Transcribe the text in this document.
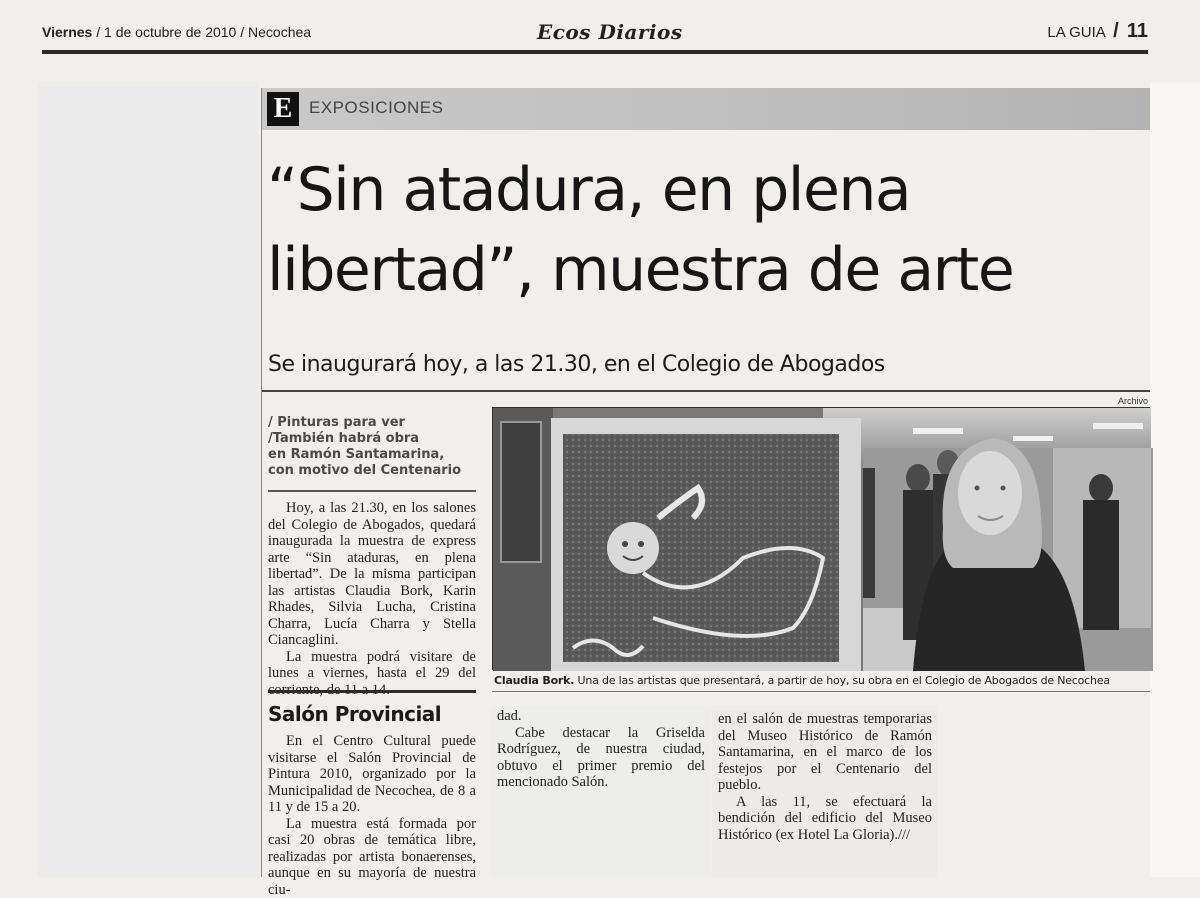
Viernes / 1 de octubre de 2010 / Necochea	Ecos Diarios	LA GUIA / 11
E EXPOSICIONES
“Sin atadura, en plena
libertad”, muestra de arte
Se inaugurará hoy, a las 21.30, en el Colegio de Abogados
/ Pinturas para ver
/También habrá obra
en Ramón Santamarina,
con motivo del Centenario

Hoy, a las 21.30, en los salones del Colegio de Abogados, quedará inaugurada la muestra de express arte “Sin ataduras, en plena libertad”. De la misma participan las artistas Claudia Bork, Karin Rhades, Silvia Lucha, Cristina Charra, Lucía Charra y Stella Ciancaglini.

La muestra podrá visitare de lunes a viernes, hasta el 29 del

Salón Provincial

En el Centro Cultural puede visitarse el Salón Provincial de Pintura 2010, organizado por la Municipalidad de Necochea, de 8 a 11 y de 15 a 20.

La muestra está formada por casi 20 obras de temática libre, realizadas por artista bonaerenses, aunque en su mayoría de nuestra ciu-

dad.

Cabe destacar la Griselda Rodríguez, de nuestra ciudad, obtuvo el primer premio del mencionado Salón.

en el salón de muestras temporarias del Museo Histórico de Ramón Santamarina, en el marco de los festejos por el Centenario del pueblo.

A las 11, se efectuará la bendición del edificio del Museo Histórico (ex Hotel La Gloria).///

Archivo
Claudia Bork. Una de las artistas que presentará, a partir de hoy, su obra en el Colegio de Abogados de Necochea
